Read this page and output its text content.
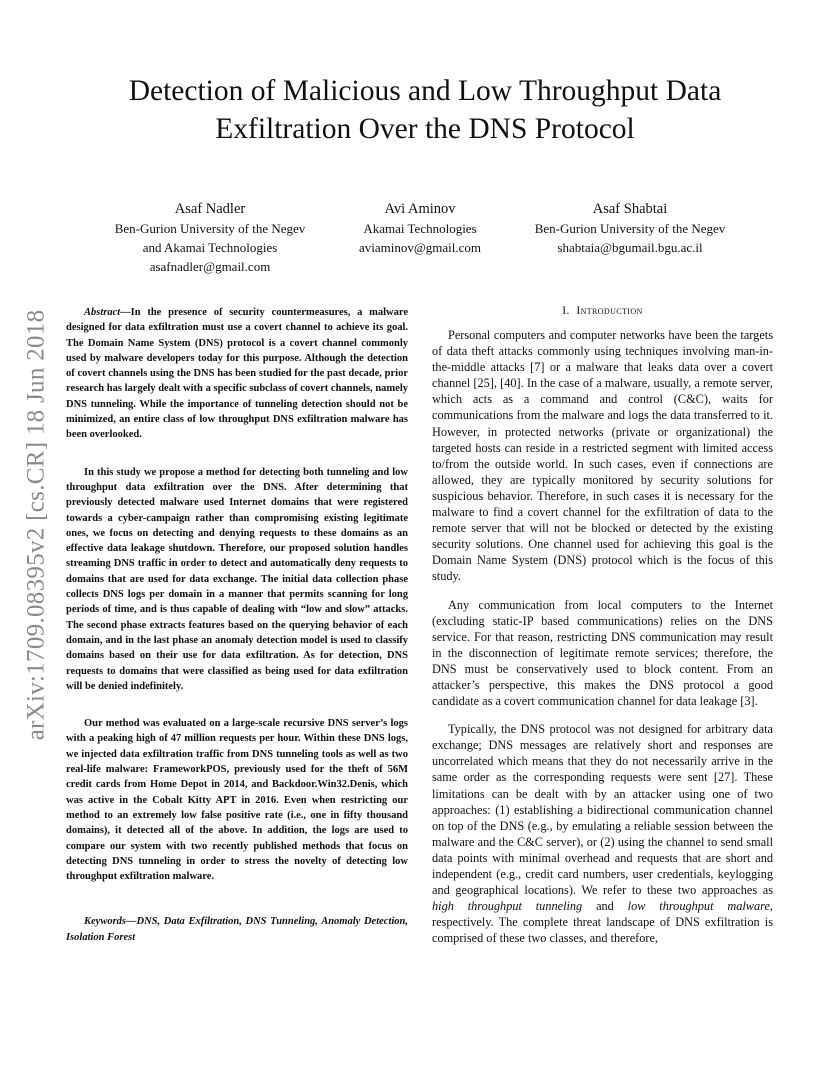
arXiv:1709.08395v2 [cs.CR] 18 Jun 2018
Detection of Malicious and Low Throughput Data
Exfiltration Over the DNS Protocol
Asaf Nadler
Ben-Gurion University of the Negev
and Akamai Technologies
asafnadler@gmail.com
Avi Aminov
Akamai Technologies
aviaminov@gmail.com
Asaf Shabtai
Ben-Gurion University of the Negev
shabtaia@bgumail.bgu.ac.il

Abstract—In the presence of security countermeasures, a malware designed for data exfiltration must use a covert channel to achieve its goal. The Domain Name System (DNS) protocol is a covert channel commonly used by malware developers today for this purpose. Although the detection of covert channels using the DNS has been studied for the past decade, prior research has largely dealt with a specific subclass of covert channels, namely DNS tunneling. While the importance of tunneling detection should not be minimized, an entire class of low throughput DNS exfiltration malware has been overlooked.

In this study we propose a method for detecting both tunneling and low throughput data exfiltration over the DNS. After determining that previously detected malware used Internet domains that were registered towards a cyber-campaign rather than compromising existing legitimate ones, we focus on detecting and denying requests to these domains as an effective data leakage shutdown. Therefore, our proposed solution handles streaming DNS traffic in order to detect and automatically deny requests to domains that are used for data exchange. The initial data collection phase collects DNS logs per domain in a manner that permits scanning for long periods of time, and is thus capable of dealing with “low and slow” attacks. The second phase extracts features based on the querying behavior of each domain, and in the last phase an anomaly detection model is used to classify domains based on their use for data exfiltration. As for detection, DNS requests to domains that were classified as being used for data exfiltration will be denied indefinitely.

Our method was evaluated on a large-scale recursive DNS server’s logs with a peaking high of 47 million requests per hour. Within these DNS logs, we injected data exfiltration traffic from DNS tunneling tools as well as two real-life malware: FrameworkPOS, previously used for the theft of 56M credit cards from Home Depot in 2014, and Backdoor.Win32.Denis, which was active in the Cobalt Kitty APT in 2016. Even when restricting our method to an extremely low false positive rate (i.e., one in fifty thousand domains), it detected all of the above. In addition, the logs are used to compare our system with two recently published methods that focus on detecting DNS tunneling in order to stress the novelty of detecting low throughput exfiltration malware.

Keywords—DNS, Data Exfiltration, DNS Tunneling, Anomaly Detection, Isolation Forest

I. Introduction

Personal computers and computer networks have been the targets of data theft attacks commonly using techniques involving man-in-the-middle attacks [7] or a malware that leaks data over a covert channel [25], [40]. In the case of a malware, usually, a remote server, which acts as a command and control (C&C), waits for communications from the malware and logs the data transferred to it. However, in protected networks (private or organizational) the targeted hosts can reside in a restricted segment with limited access to/from the outside world. In such cases, even if connections are allowed, they are typically monitored by security solutions for suspicious behavior. Therefore, in such cases it is necessary for the malware to find a covert channel for the exfiltration of data to the remote server that will not be blocked or detected by the existing security solutions. One channel used for achieving this goal is the Domain Name System (DNS) protocol which is the focus of this study.

Any communication from local computers to the Internet (excluding static-IP based communications) relies on the DNS service. For that reason, restricting DNS communication may result in the disconnection of legitimate remote services; therefore, the DNS must be conservatively used to block content. From an attacker’s perspective, this makes the DNS protocol a good candidate as a covert communication channel for data leakage [3].

Typically, the DNS protocol was not designed for arbitrary data exchange; DNS messages are relatively short and responses are uncorrelated which means that they do not necessarily arrive in the same order as the corresponding requests were sent [27]. These limitations can be dealt with by an attacker using one of two approaches: (1) establishing a bidirectional communication channel on top of the DNS (e.g., by emulating a reliable session between the malware and the C&C server), or (2) using the channel to send small data points with minimal overhead and requests that are short and independent (e.g., credit card numbers, user credentials, keylogging and geographical locations). We refer to these two approaches as high throughput tunneling and low throughput malware, respectively. The complete threat landscape of DNS exfiltration is comprised of these two classes, and therefore,
